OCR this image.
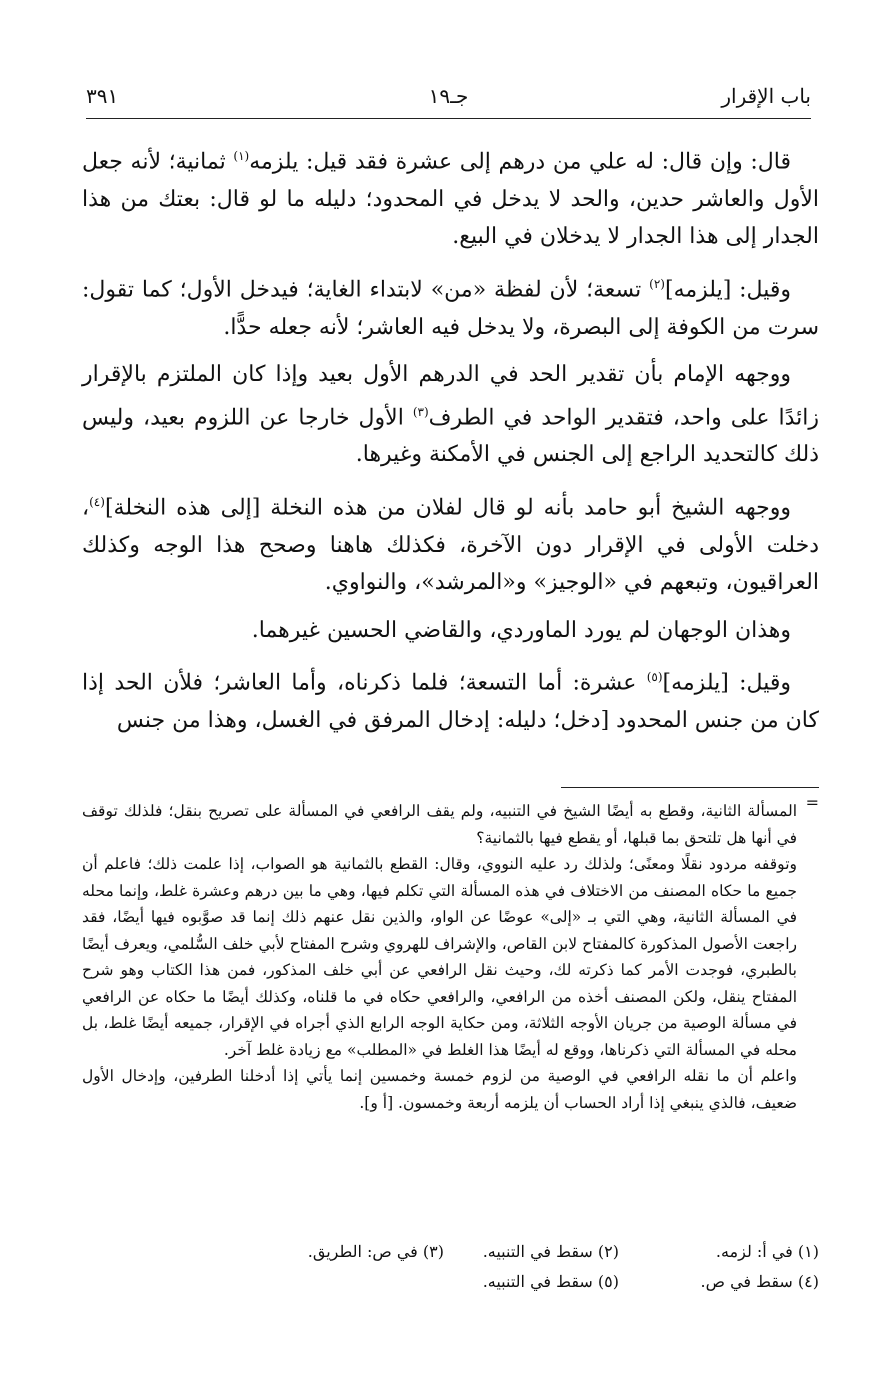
باب الإقرار
جـ١٩
٣٩١

قال: وإن قال: له علي من درهم إلى عشرة فقد قيل: يلزمه$^{(١)}$ ثمانية؛ لأنه جعل الأول والعاشر حدين، والحد لا يدخل في المحدود؛ دليله ما لو قال: بعتك من هذا الجدار إلى هذا الجدار لا يدخلان في البيع.

وقيل: [يلزمه]$^{(٢)}$ تسعة؛ لأن لفظة «من» لابتداء الغاية؛ فيدخل الأول؛ كما تقول: سرت من الكوفة إلى البصرة، ولا يدخل فيه العاشر؛ لأنه جعله حدًّا.

ووجهه الإمام بأن تقدير الحد في الدرهم الأول بعيد وإذا كان الملتزم بالإقرار زائدًا على واحد، فتقدير الواحد في الطرف$^{(٣)}$ الأول خارجا عن اللزوم بعيد، وليس ذلك كالتحديد الراجع إلى الجنس في الأمكنة وغيرها.

ووجهه الشيخ أبو حامد بأنه لو قال لفلان من هذه النخلة [إلى هذه النخلة]$^{(٤)}$، دخلت الأولى في الإقرار دون الآخرة، فكذلك هاهنا وصحح هذا الوجه وكذلك العراقيون، وتبعهم في «الوجيز» و«المرشد»، والنواوي.

وهذان الوجهان لم يورد الماوردي، والقاضي الحسين غيرهما.

وقيل: [يلزمه]$^{(٥)}$ عشرة: أما التسعة؛ فلما ذكرناه، وأما العاشر؛ فلأن الحد إذا كان من جنس المحدود [دخل؛ دليله: إدخال المرفق في الغسل، وهذا من جنس

=

المسألة الثانية، وقطع به أيضًا الشيخ في التنبيه، ولم يقف الرافعي في المسألة على تصريح بنقل؛ فلذلك توقف في أنها هل تلتحق بما قبلها، أو يقطع فيها بالثمانية؟

وتوقفه مردود نقلًا ومعنًى؛ ولذلك رد عليه النووي، وقال: القطع بالثمانية هو الصواب، إذا علمت ذلك؛ فاعلم أن جميع ما حكاه المصنف من الاختلاف في هذه المسألة التي تكلم فيها، وهي ما بين درهم وعشرة غلط، وإنما محله في المسألة الثانية، وهي التي بـ «إلى» عوضًا عن الواو، والذين نقل عنهم ذلك إنما قد صوَّبوه فيها أيضًا، فقد راجعت الأصول المذكورة كالمفتاح لابن القاص، والإشراف للهروي وشرح المفتاح لأبي خلف السُّلمي، ويعرف أيضًا بالطبري، فوجدت الأمر كما ذكرته لك، وحيث نقل الرافعي عن أبي خلف المذكور، فمن هذا الكتاب وهو شرح المفتاح ينقل، ولكن المصنف أخذه من الرافعي، والرافعي حكاه في ما قلناه، وكذلك أيضًا ما حكاه عن الرافعي في مسألة الوصية من جريان الأوجه الثلاثة، ومن حكاية الوجه الرابع الذي أجراه في الإقرار، جميعه أيضًا غلط، بل محله في المسألة التي ذكرناها، ووقع له أيضًا هذا الغلط في «المطلب» مع زيادة غلط آخر.

واعلم أن ما نقله الرافعي في الوصية من لزوم خمسة وخمسين إنما يأتي إذا أدخلنا الطرفين، وإدخال الأول ضعيف، فالذي ينبغي إذا أراد الحساب أن يلزمه أربعة وخمسون. [أ و].

(١) في أ: لزمه.
(٢) سقط في التنبيه.
(٣) في ص: الطريق.
(٤) سقط في ص.
(٥) سقط في التنبيه.
